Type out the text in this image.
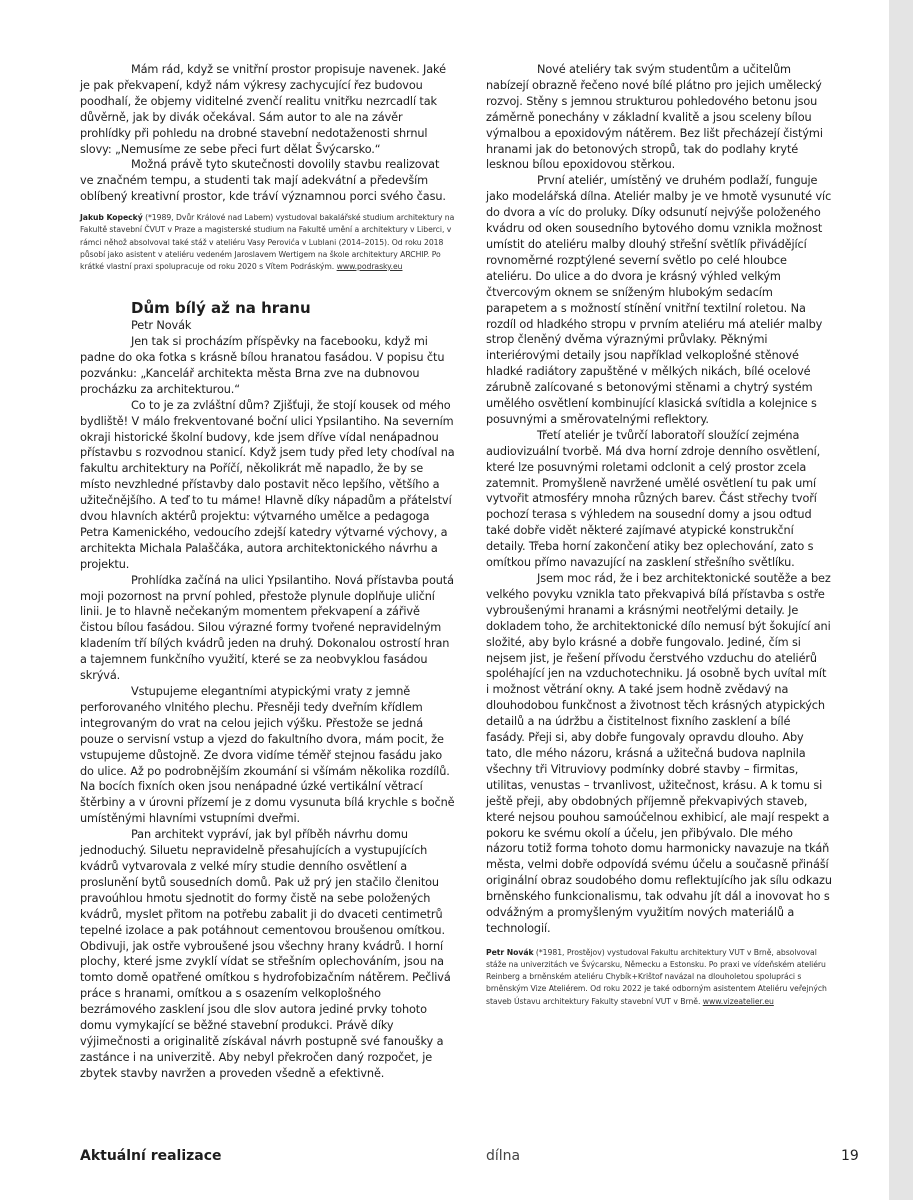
Mám rád, když se vnitřní prostor propisuje navenek. Jaké je pak překvapení, když nám výkresy zachycující řez budovou poodhalí, že objemy viditelné zvenčí realitu vnitřku nezrcadlí tak důvěrně, jak by divák očekával. Sám autor to ale na závěr prohlídky při pohledu na drobné stavební nedotaženosti shrnul slovy: „Nemusíme ze sebe přeci furt dělat Švýcarsko.“

Možná právě tyto skutečnosti dovolily stavbu realizovat ve značném tempu, a studenti tak mají adekvátní a především oblíbený kreativní prostor, kde tráví významnou porci svého času.

Jakub Kopecký (*1989, Dvůr Králové nad Labem) vystudoval bakalářské studium architektury na Fakultě stavební ČVUT v Praze a magisterské studium na Fakultě umění a architektury v Liberci, v rámci něhož absolvoval také stáž v ateliéru Vasy Perovića v Lublani (2014–2015). Od roku 2018 působí jako asistent v ateliéru vedeném Jaroslavem Wertigem na škole architektury ARCHIP. Po krátké vlastní praxi spolupracuje od roku 2020 s Vítem Podráským. www.podrasky.eu

Dům bílý až na hranu

Petr Novák

Jen tak si procházím příspěvky na facebooku, když mi padne do oka fotka s krásně bílou hranatou fasádou. V popisu čtu pozvánku: „Kancelář architekta města Brna zve na dubnovou procházku za architekturou.“

Co to je za zvláštní dům? Zjišťuji, že stojí kousek od mého bydliště! V málo frekventované boční ulici Ypsilantiho. Na severním okraji historické školní budovy, kde jsem dříve vídal nenápadnou přístavbu s rozvodnou stanicí. Když jsem tudy před lety chodíval na fakultu architektury na Poříčí, několikrát mě napadlo, že by se místo nevzhledné přístavby dalo postavit něco lepšího, většího a užitečnějšího. A teď to tu máme! Hlavně díky nápadům a přátelství dvou hlavních aktérů projektu: výtvarného umělce a pedagoga Petra Kamenického, vedoucího zdejší katedry výtvarné výchovy, a architekta Michala Palaščáka, autora architektonického návrhu a projektu.

Prohlídka začíná na ulici Ypsilantiho. Nová přístavba poutá moji pozornost na první pohled, přestože plynule doplňuje uliční linii. Je to hlavně nečekaným momentem překvapení a zářivě čistou bílou fasádou. Silou výrazné formy tvořené nepravidelným kladením tří bílých kvádrů jeden na druhý. Dokonalou ostrostí hran a tajemnem funkčního využití, které se za neobvyklou fasádou skrývá.

Vstupujeme elegantními atypickými vraty z jemně perforovaného vlnitého plechu. Přesněji tedy dveřním křídlem integrovaným do vrat na celou jejich výšku. Přestože se jedná pouze o servisní vstup a vjezd do fakultního dvora, mám pocit, že vstupujeme důstojně. Ze dvora vidíme téměř stejnou fasádu jako do ulice. Až po podrobnějším zkoumání si všímám několika rozdílů. Na bocích fixních oken jsou nenápadné úzké vertikální větrací štěrbiny a v úrovni přízemí je z domu vysunuta bílá krychle s bočně umístěnými hlavními vstupními dveřmi.

Pan architekt vypráví, jak byl příběh návrhu domu jednoduchý. Siluetu nepravidelně přesahujících a vystupujících kvádrů vytvarovala z velké míry studie denního osvětlení a proslunění bytů sousedních domů. Pak už prý jen stačilo členitou pravoúhlou hmotu sjednotit do formy čistě na sebe položených kvádrů, myslet přitom na potřebu zabalit ji do dvaceti centimetrů tepelné izolace a pak potáhnout cementovou broušenou omítkou. Obdivuji, jak ostře vybroušené jsou všechny hrany kvádrů. I horní plochy, které jsme zvyklí vídat se střešním oplechováním, jsou na tomto domě opatřené omítkou s hydrofobizačním nátěrem. Pečlivá práce s hranami, omítkou a s osazením velkoplošného bezrámového zasklení jsou dle slov autora jediné prvky tohoto domu vymykající se běžné stavební produkci. Právě díky výjimečnosti a originalitě získával návrh postupně své fanoušky a zastánce i na univerzitě. Aby nebyl překročen daný rozpočet, je zbytek stavby navržen a proveden všedně a efektivně.

Nové ateliéry tak svým studentům a učitelům nabízejí obrazně řečeno nové bílé plátno pro jejich umělecký rozvoj. Stěny s jemnou strukturou pohledového betonu jsou záměrně ponechány v základní kvalitě a jsou sceleny bílou výmalbou a epoxidovým nátěrem. Bez lišt přecházejí čistými hranami jak do betonových stropů, tak do podlahy kryté lesknou bílou epoxidovou stěrkou.

První ateliér, umístěný ve druhém podlaží, funguje jako modelářská dílna. Ateliér malby je ve hmotě vysunuté víc do dvora a víc do proluky. Díky odsunutí nejvýše položeného kvádru od oken sousedního bytového domu vznikla možnost umístit do ateliéru malby dlouhý střešní světlík přivádějící rovnoměrné rozptýlené severní světlo po celé hloubce ateliéru. Do ulice a do dvora je krásný výhled velkým čtvercovým oknem se sníženým hlubokým sedacím parapetem a s možností stínění vnitřní textilní roletou. Na rozdíl od hladkého stropu v prvním ateliéru má ateliér malby strop členěný dvěma výraznými průvlaky. Pěknými interiérovými detaily jsou například velkoplošné stěnové hladké radiátory zapuštěné v mělkých nikách, bílé ocelové zárubně zalícované s betonovými stěnami a chytrý systém umělého osvětlení kombinující klasická svítidla a kolejnice s posuvnými a směrovatelnými reflektory.

Třetí ateliér je tvůrčí laboratoří sloužící zejména audiovizuální tvorbě. Má dva horní zdroje denního osvětlení, které lze posuvnými roletami odclonit a celý prostor zcela zatemnit. Promyšleně navržené umělé osvětlení tu pak umí vytvořit atmosféry mnoha různých barev. Část střechy tvoří pochozí terasa s výhledem na sousední domy a jsou odtud také dobře vidět některé zajímavé atypické konstrukční detaily. Třeba horní zakončení atiky bez oplechování, zato s omítkou přímo navazující na zasklení střešního světlíku.

Jsem moc rád, že i bez architektonické soutěže a bez velkého povyku vznikla tato překvapivá bílá přístavba s ostře vybroušenými hranami a krásnými neotřelými detaily. Je dokladem toho, že architektonické dílo nemusí být šokující ani složité, aby bylo krásné a dobře fungovalo. Jediné, čím si nejsem jist, je řešení přívodu čerstvého vzduchu do ateliérů spoléhající jen na vzduchotechniku. Já osobně bych uvítal mít i možnost větrání okny. A také jsem hodně zvědavý na dlouhodobou funkčnost a životnost těch krásných atypických detailů a na údržbu a čistitelnost fixního zasklení a bílé fasády. Přeji si, aby dobře fungovaly opravdu dlouho. Aby tato, dle mého názoru, krásná a užitečná budova naplnila všechny tři Vitruviovy podmínky dobré stavby – firmitas, utilitas, venustas – trvanlivost, užitečnost, krásu. A k tomu si ještě přeji, aby obdobných příjemně překvapivých staveb, které nejsou pouhou samoúčelnou exhibicí, ale mají respekt a pokoru ke svému okolí a účelu, jen přibývalo. Dle mého názoru totiž forma tohoto domu harmonicky navazuje na tkáň města, velmi dobře odpovídá svému účelu a současně přináší originální obraz soudobého domu reflektujícího jak sílu odkazu brněnského funkcionalismu, tak odvahu jít dál a inovovat ho s odvážným a promyšleným využitím nových materiálů a technologií.

Petr Novák (*1981, Prostějov) vystudoval Fakultu architektury VUT v Brně, absolvoval stáže na univerzitách ve Švýcarsku, Německu a Estonsku. Po praxi ve vídeňském ateliéru Reinberg a brněnském ateliéru Chybík+Krištof navázal na dlouholetou spolupráci s brněnským Vize Ateliérem. Od roku 2022 je také odborným asistentem Ateliéru veřejných staveb Ústavu architektury Fakulty stavební VUT v Brně. www.vizeatelier.eu

Aktuální realizace	dílna	19
